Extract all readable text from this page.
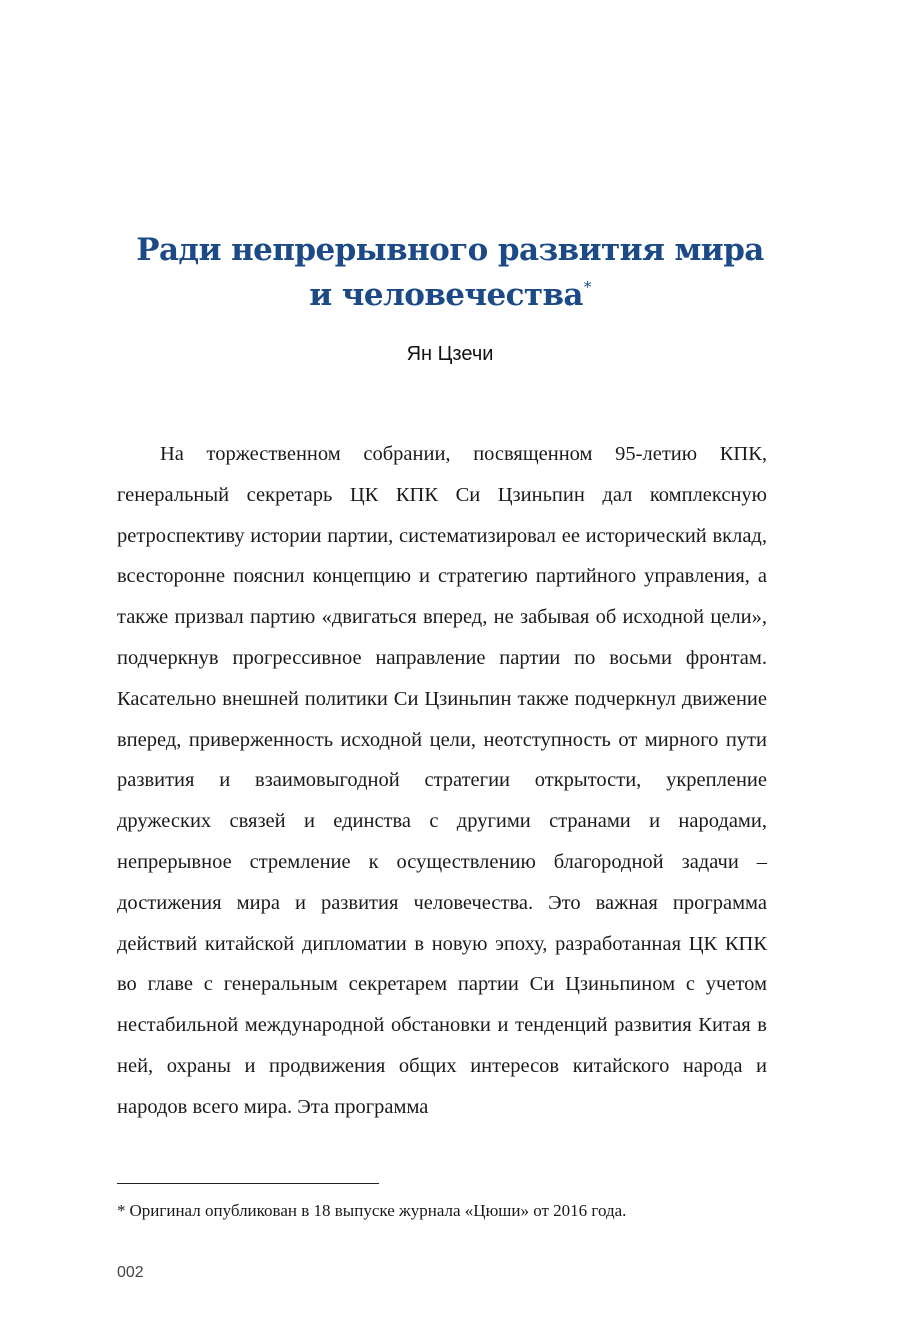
Ради непрерывного развития мира и человечества*
Ян Цзечи

На торжественном собрании, посвященном 95-летию КПК, генеральный секретарь ЦК КПК Си Цзиньпин дал комплексную ретроспективу истории партии, систематизировал ее исторический вклад, всесторонне пояснил концепцию и стратегию партийного управления, а также призвал партию «двигаться вперед, не забывая об исходной цели», подчеркнув прогрессивное направление партии по восьми фронтам. Касательно внешней политики Си Цзиньпин также подчеркнул движение вперед, приверженность исходной цели, неотступность от мирного пути развития и взаимовыгодной стратегии открытости, укрепление дружеских связей и единства с другими странами и народами, непрерывное стремление к осуществлению благородной задачи – достижения мира и развития человечества. Это важная программа действий китайской дипломатии в новую эпоху, разработанная ЦК КПК во главе с генеральным секретарем партии Си Цзиньпином с учетом нестабильной международной обстановки и тенденций развития Китая в ней, охраны и продвижения общих интересов китайского народа и народов всего мира. Эта программа

* Оригинал опубликован в 18 выпуске журнала «Цюши» от 2016 года.
002
